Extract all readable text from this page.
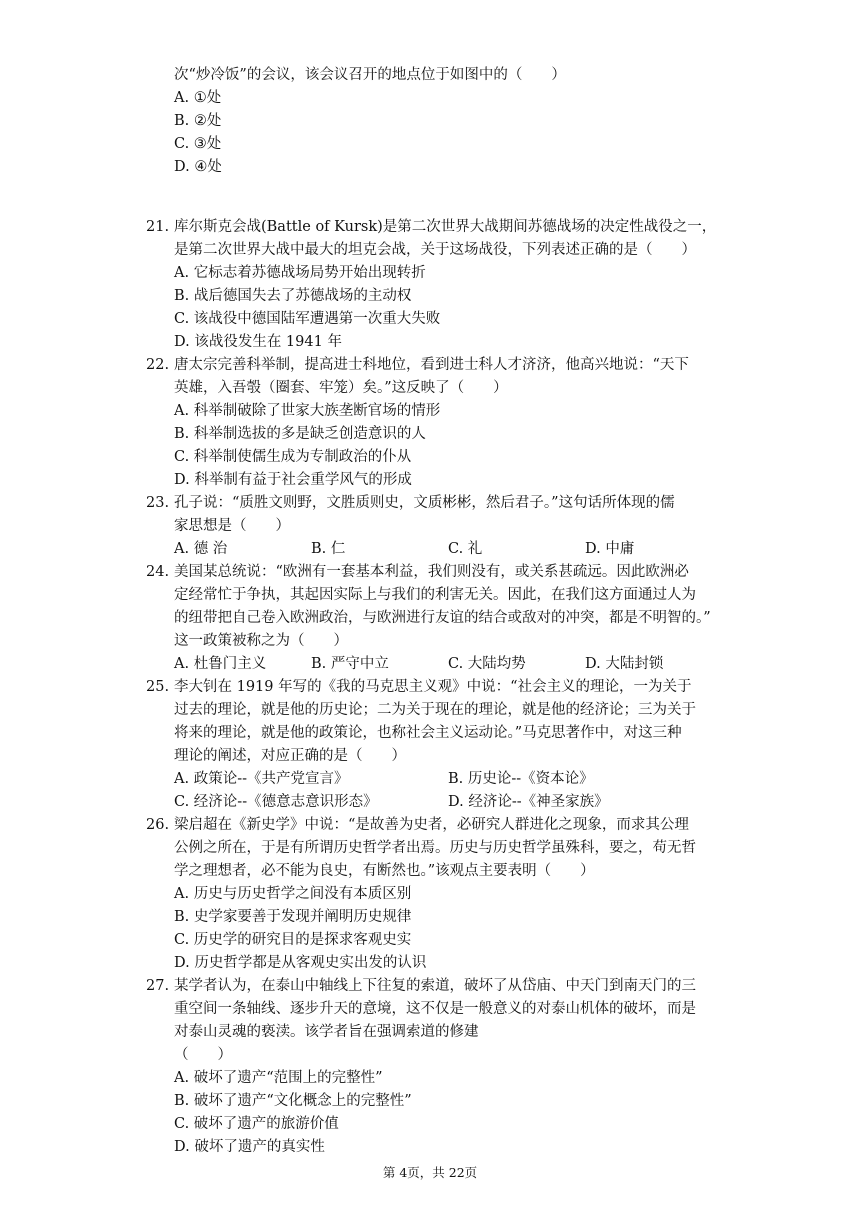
次“炒冷饭”的会议，该会议召开的地点位于如图中的（　　）
A. ①处
B. ②处
C. ③处
D. ④处
21. 库尔斯克会战(Battle of Kursk)是第二次世界大战期间苏德战场的决定性战役之一，
是第二次世界大战中最大的坦克会战，关于这场战役，下列表述正确的是（　　）
A. 它标志着苏德战场局势开始出现转折
B. 战后德国失去了苏德战场的主动权
C. 该战役中德国陆军遭遇第一次重大失败
D. 该战役发生在 1941 年
22. 唐太宗完善科举制，提高进士科地位，看到进士科人才济济，他高兴地说：“天下
英雄，入吾彀（圈套、牢笼）矣。”这反映了（　　）
A. 科举制破除了世家大族垄断官场的情形
B. 科举制选拔的多是缺乏创造意识的人
C. 科举制使儒生成为专制政治的仆从
D. 科举制有益于社会重学风气的形成
23. 孔子说：“质胜文则野，文胜质则史，文质彬彬，然后君子。”这句话所体现的儒
家思想是（　　）
A. 德 治	B. 仁	C. 礼	D. 中庸
24. 美国某总统说：“欧洲有一套基本利益，我们则没有，或关系甚疏远。因此欧洲必
定经常忙于争执，其起因实际上与我们的利害无关。因此，在我们这方面通过人为
的纽带把自己卷入欧洲政治，与欧洲进行友谊的结合或敌对的冲突，都是不明智的。”
这一政策被称之为（　　）
A. 杜鲁门主义	B. 严守中立	C. 大陆均势	D. 大陆封锁
25. 李大钊在 1919 年写的《我的马克思主义观》中说：“社会主义的理论，一为关于
过去的理论，就是他的历史论；二为关于现在的理论，就是他的经济论；三为关于
将来的理论，就是他的政策论，也称社会主义运动论。”马克思著作中，对这三种
理论的阐述，对应正确的是（　　）
A. 政策论--《共产党宣言》	B. 历史论--《资本论》
C. 经济论--《德意志意识形态》	D. 经济论--《神圣家族》
26. 梁启超在《新史学》中说：“是故善为史者，必研究人群进化之现象，而求其公理
公例之所在，于是有所谓历史哲学者出焉。历史与历史哲学虽殊科，要之，苟无哲
学之理想者，必不能为良史，有断然也。”该观点主要表明（　　）
A. 历史与历史哲学之间没有本质区别
B. 史学家要善于发现并阐明历史规律
C. 历史学的研究目的是探求客观史实
D. 历史哲学都是从客观史实出发的认识
27. 某学者认为，在泰山中轴线上下往复的索道，破坏了从岱庙、中天门到南天门的三
重空间一条轴线、逐步升天的意境，这不仅是一般意义的对泰山机体的破坏，而是
对泰山灵魂的亵渎。该学者旨在强调索道的修建
（　　）
A. 破坏了遗产“范围上的完整性”
B. 破坏了遗产“文化概念上的完整性”
C. 破坏了遗产的旅游价值
D. 破坏了遗产的真实性
第 4页，共 22页
